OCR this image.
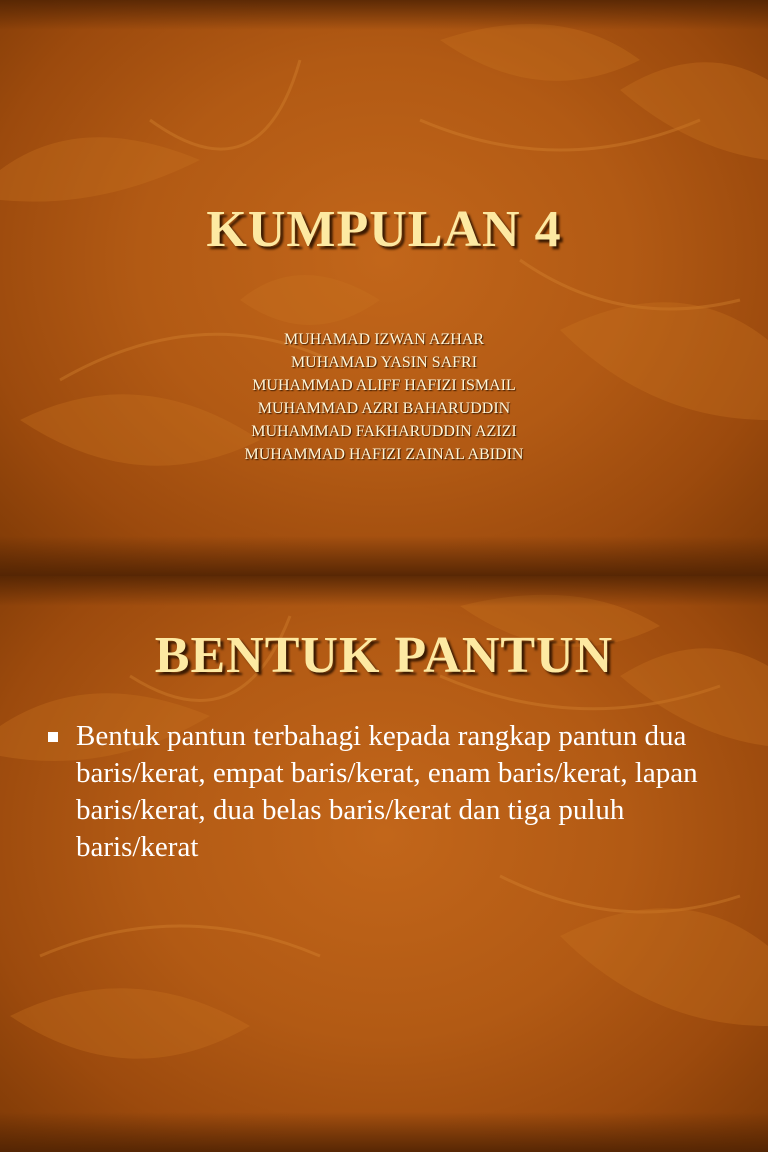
KUMPULAN 4
MUHAMAD IZWAN AZHAR
MUHAMAD YASIN SAFRI
MUHAMMAD ALIFF HAFIZI ISMAIL
MUHAMMAD AZRI BAHARUDDIN
MUHAMMAD FAKHARUDDIN AZIZI
MUHAMMAD HAFIZI ZAINAL ABIDIN
BENTUK PANTUN
Bentuk pantun terbahagi kepada rangkap pantun dua baris/kerat, empat baris/kerat, enam baris/kerat, lapan baris/kerat, dua belas baris/kerat dan tiga puluh baris/kerat
